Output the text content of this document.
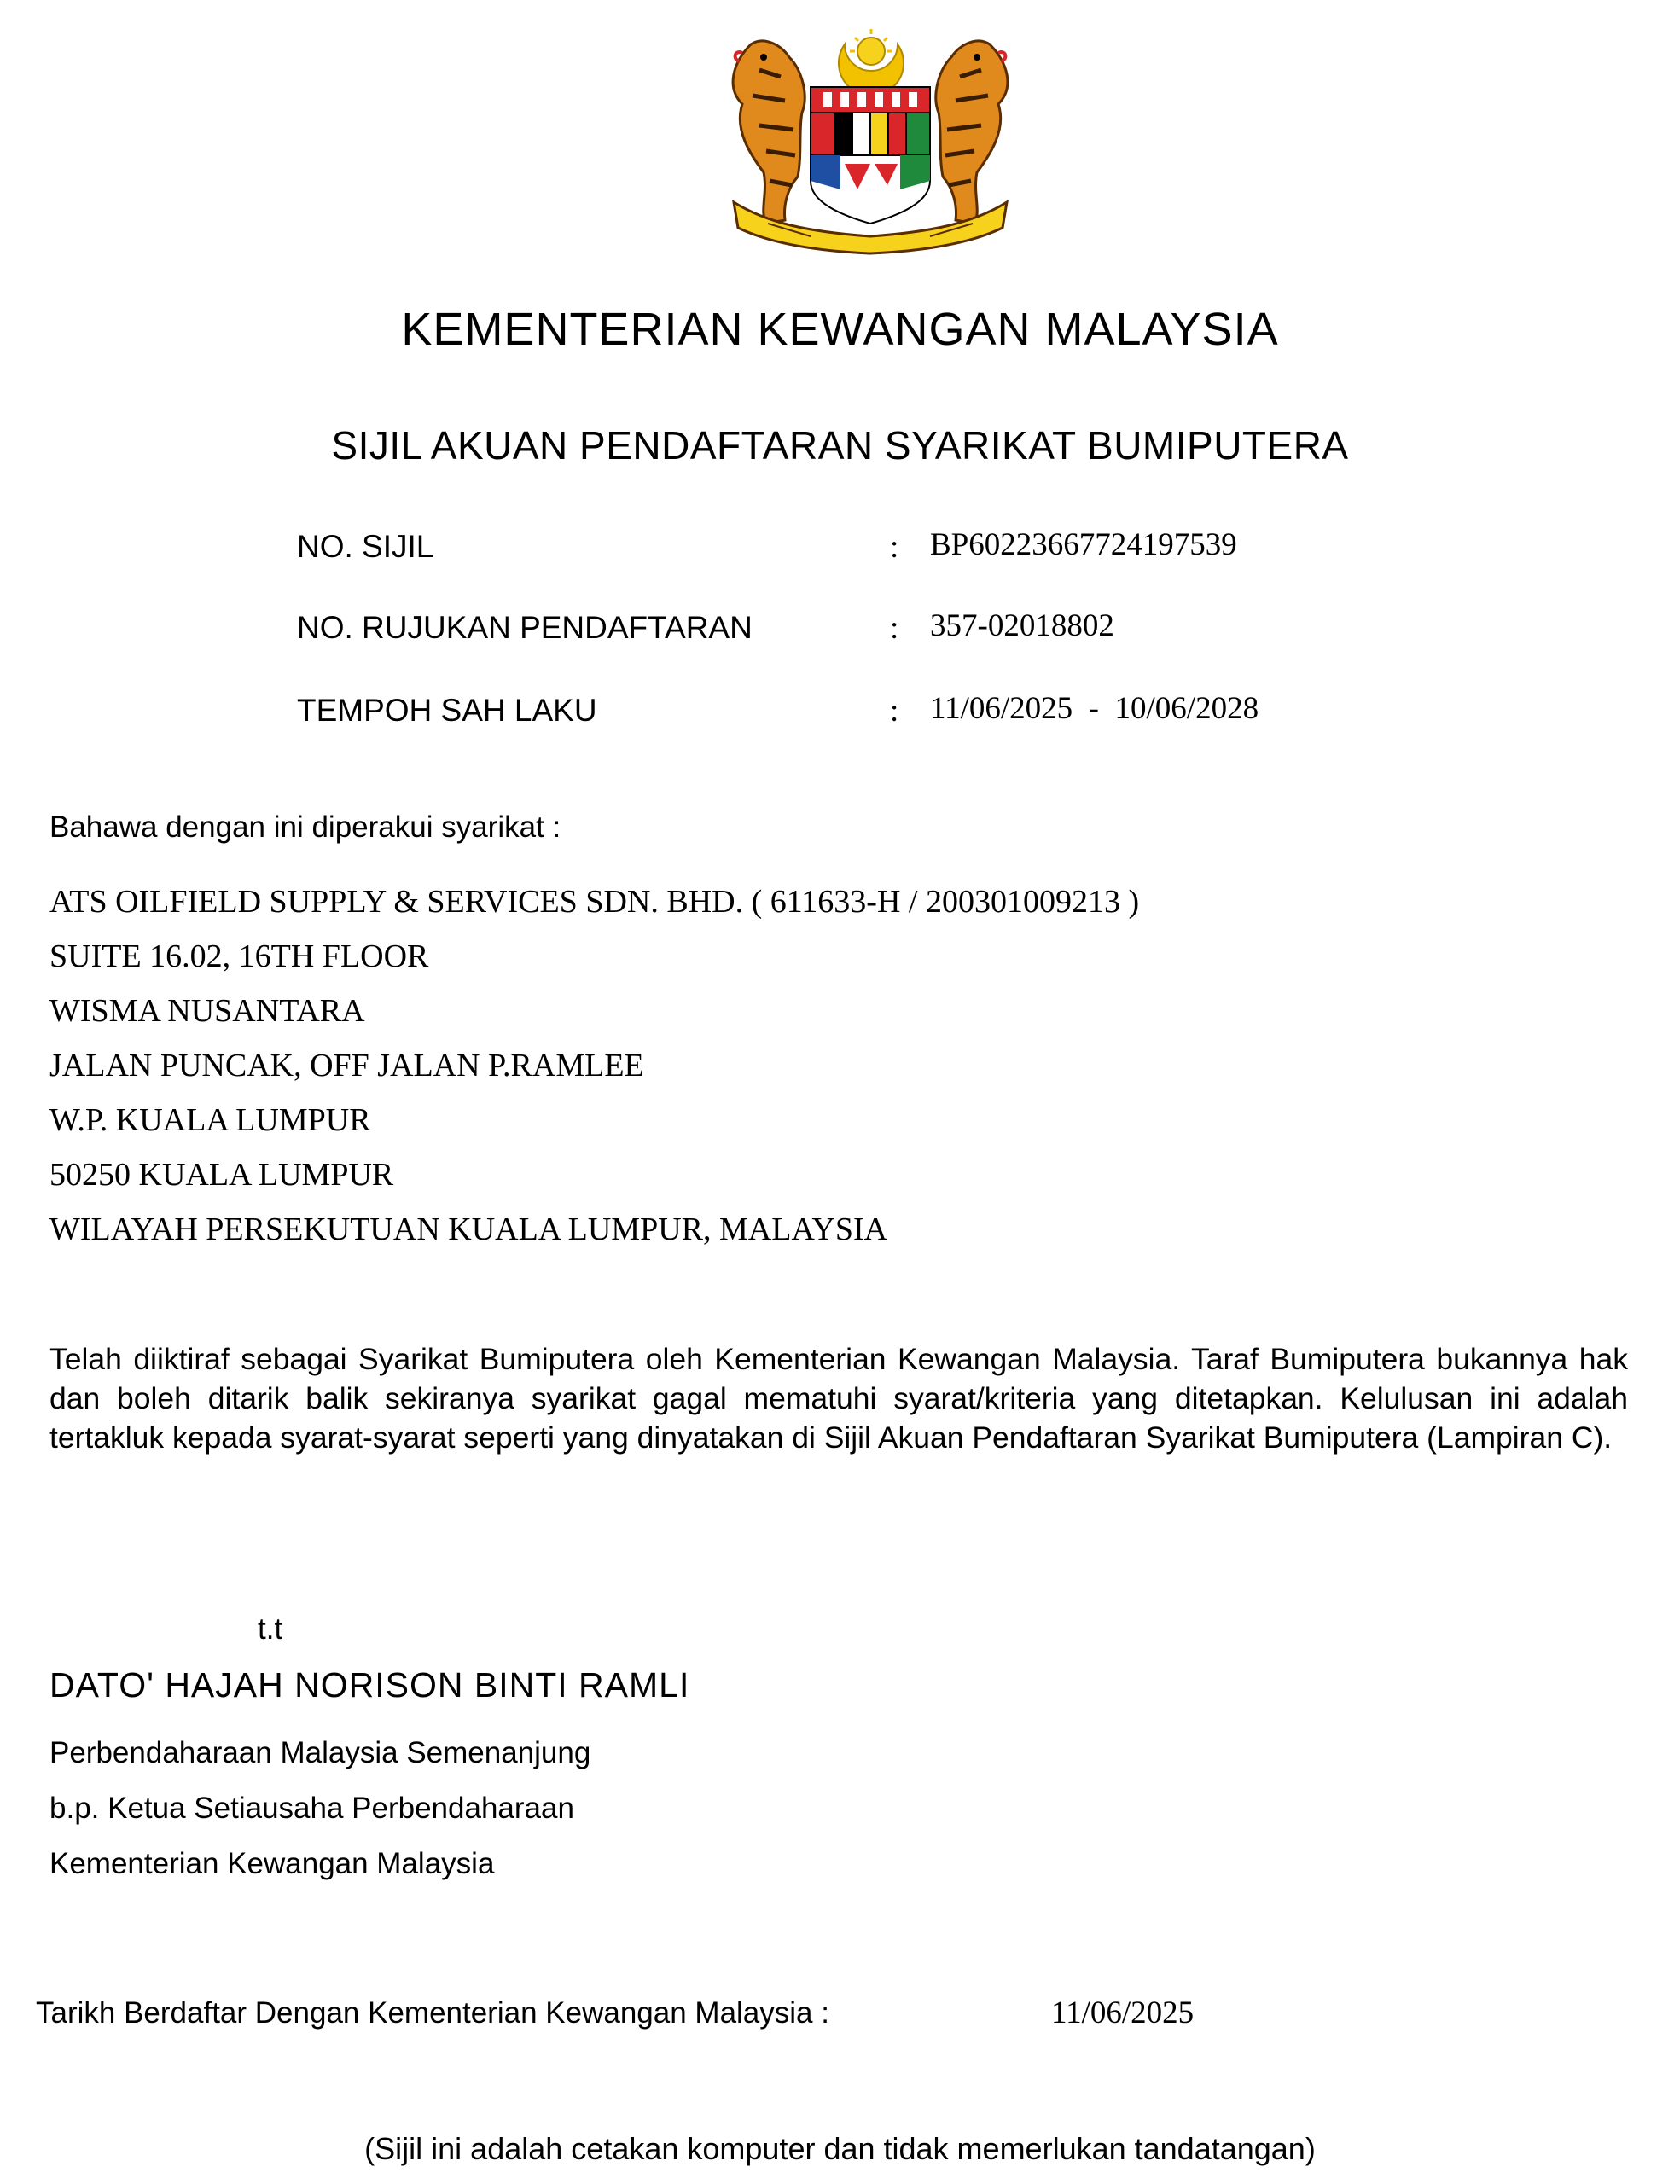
KEMENTERIAN KEWANGAN MALAYSIA
SIJIL AKUAN PENDAFTARAN SYARIKAT BUMIPUTERA
NO. SIJIL	: BP60223667724197539
NO. RUJUKAN PENDAFTARAN	: 357-02018802
TEMPOH SAH LAKU	: 11/06/2025  -  10/06/2028
Bahawa dengan ini diperakui syarikat :
ATS OILFIELD SUPPLY & SERVICES SDN. BHD. ( 611633-H / 200301009213 )
SUITE 16.02, 16TH FLOOR
WISMA NUSANTARA
JALAN PUNCAK, OFF JALAN P.RAMLEE
W.P. KUALA LUMPUR
50250 KUALA LUMPUR
WILAYAH PERSEKUTUAN KUALA LUMPUR, MALAYSIA
Telah diiktiraf sebagai Syarikat Bumiputera oleh Kementerian Kewangan Malaysia. Taraf Bumiputera bukannya hak dan boleh ditarik balik sekiranya syarikat gagal mematuhi syarat/kriteria yang ditetapkan. Kelulusan ini adalah tertakluk kepada syarat-syarat seperti yang dinyatakan di Sijil Akuan Pendaftaran Syarikat Bumiputera (Lampiran C).
t.t
DATO' HAJAH NORISON BINTI RAMLI
Perbendaharaan Malaysia Semenanjung
b.p. Ketua Setiausaha Perbendaharaan
Kementerian Kewangan Malaysia
Tarikh Berdaftar Dengan Kementerian Kewangan Malaysia :	11/06/2025
(Sijil ini adalah cetakan komputer dan tidak memerlukan tandatangan)
